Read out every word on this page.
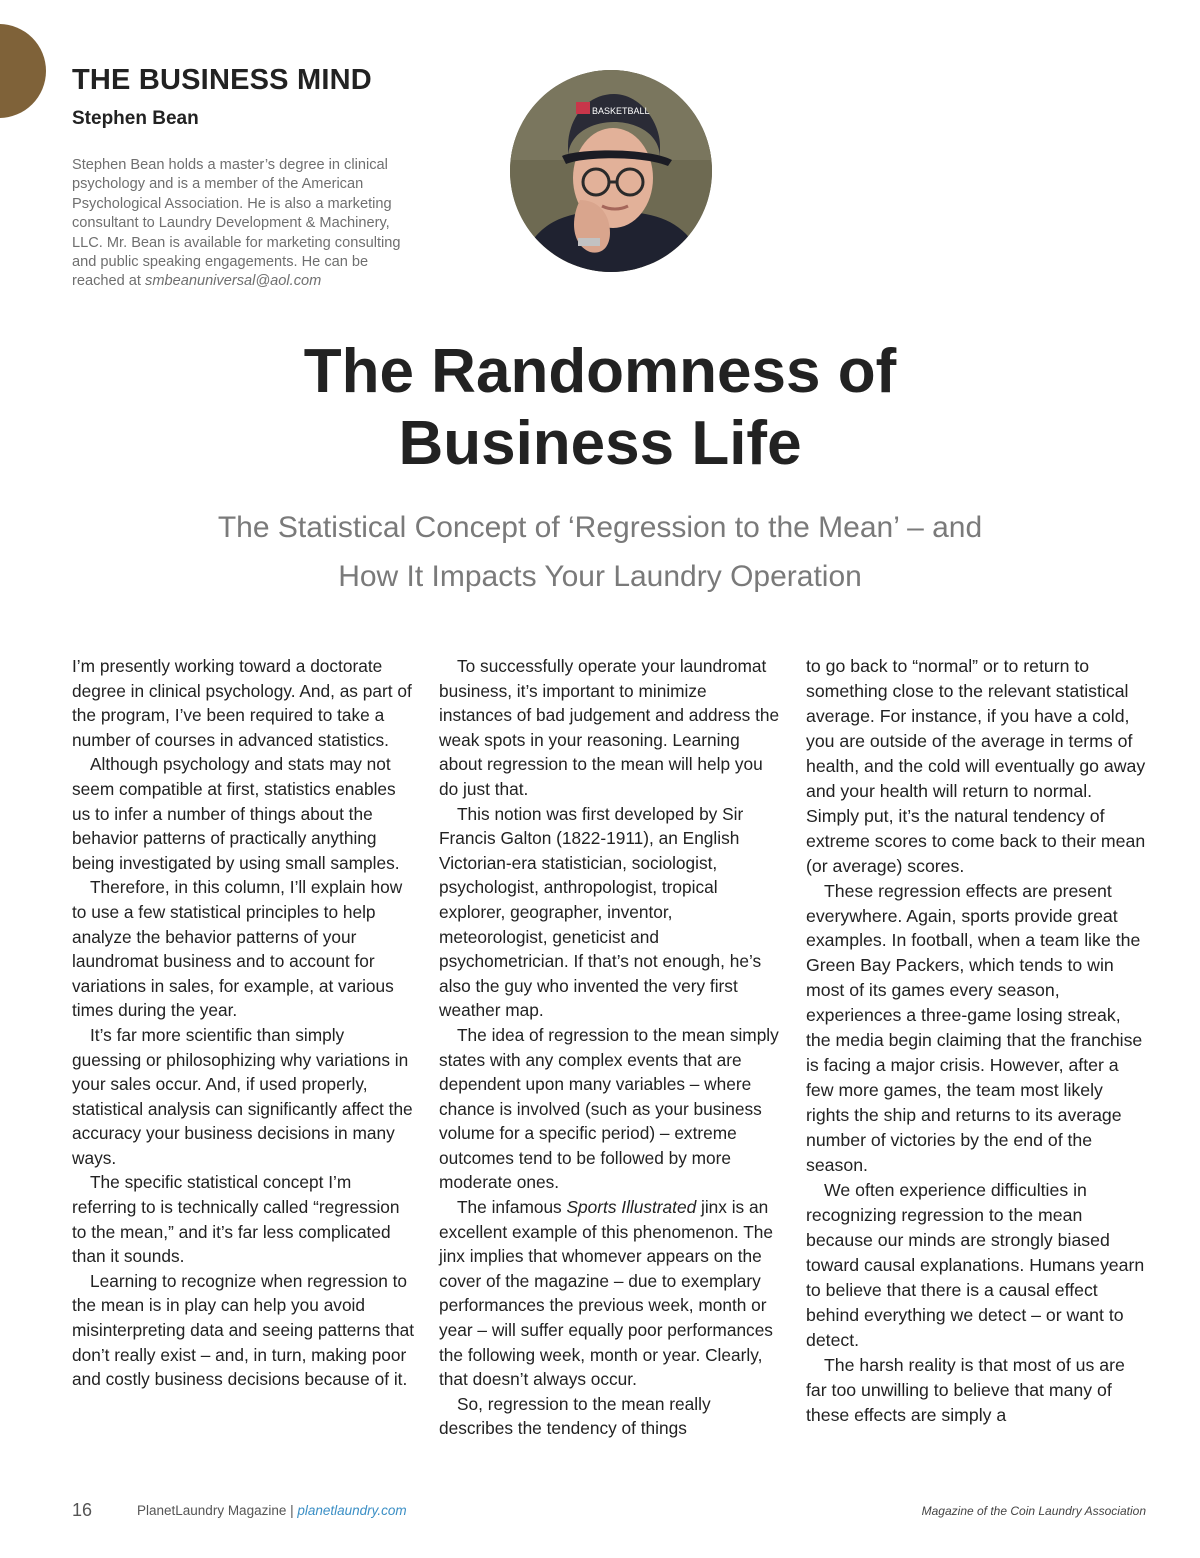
THE BUSINESS MIND
Stephen Bean

Stephen Bean holds a master’s degree in clinical psychology and is a member of the American Psychological Association. He is also a marketing consultant to Laundry Development & Machinery, LLC. Mr. Bean is available for marketing consulting and public speaking engagements. He can be reached at smbeanuniversal@aol.com

BASKETBALL
The Randomness of
Business Life
The Statistical Concept of ‘Regression to the Mean’ – and
How It Impacts Your Laundry Operation

I’m presently working toward a doctorate degree in clinical psychology. And, as part of the program, I’ve been required to take a number of courses in advanced statistics.

Although psychology and stats may not seem compatible at first, statistics enables us to infer a number of things about the behavior patterns of practically anything being investigated by using small samples.

Therefore, in this column, I’ll explain how to use a few statistical principles to help analyze the behavior patterns of your laundromat business and to account for variations in sales, for example, at various times during the year.

It’s far more scientific than simply guessing or philosophizing why variations in your sales occur. And, if used properly, statistical analysis can significantly affect the accuracy your business decisions in many ways.

The specific statistical concept I’m referring to is technically called “regression to the mean,” and it’s far less complicated than it sounds.

Learning to recognize when regression to the mean is in play can help you avoid misinterpreting data and seeing patterns that don’t really exist – and, in turn, making poor and costly business decisions because of it.

To successfully operate your laundromat business, it’s important to minimize instances of bad judgement and address the weak spots in your reasoning. Learning about regression to the mean will help you do just that.

This notion was first developed by Sir Francis Galton (1822-1911), an English Victorian-era statistician, sociologist, psychologist, anthropologist, tropical explorer, geographer, inventor, meteorologist, geneticist and psychometrician. If that’s not enough, he’s also the guy who invented the very first weather map.

The idea of regression to the mean simply states with any complex events that are dependent upon many variables – where chance is involved (such as your business volume for a specific period) – extreme outcomes tend to be followed by more moderate ones.

The infamous Sports Illustrated jinx is an excellent example of this phenomenon. The jinx implies that whomever appears on the cover of the magazine – due to exemplary performances the previous week, month or year – will suffer equally poor performances the following week, month or year. Clearly, that doesn’t always occur.

So, regression to the mean really describes the tendency of things

to go back to “normal” or to return to something close to the relevant statistical average. For instance, if you have a cold, you are outside of the average in terms of health, and the cold will eventually go away and your health will return to normal. Simply put, it’s the natural tendency of extreme scores to come back to their mean (or average) scores.

These regression effects are present everywhere. Again, sports provide great examples. In football, when a team like the Green Bay Packers, which tends to win most of its games every season, experiences a three-game losing streak, the media begin claiming that the franchise is facing a major crisis. However, after a few more games, the team most likely rights the ship and returns to its average number of victories by the end of the season.

We often experience difficulties in recognizing regression to the mean because our minds are strongly biased toward causal explanations. Humans yearn to believe that there is a causal effect behind everything we detect – or want to detect.

The harsh reality is that most of us are far too unwilling to believe that many of these effects are simply a

16	PlanetLaundry Magazine | planetlaundry.com	Magazine of the Coin Laundry Association
